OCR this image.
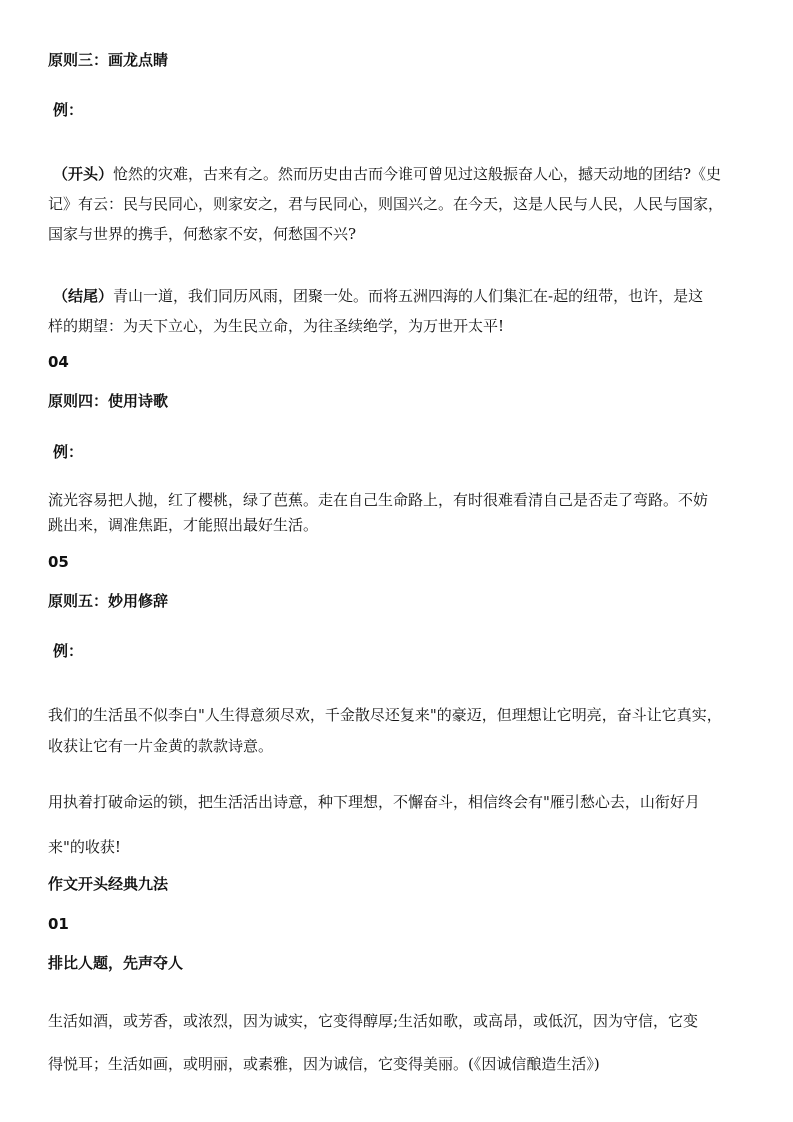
原则三：画龙点睛
例：
（开头）怆然的灾难，古来有之。然而历史由古而今谁可曾见过这般振奋人心，撼天动地的团结?《史
记》有云：民与民同心，则家安之，君与民同心，则国兴之。在今天，这是人民与人民，人民与国家，
国家与世界的携手，何愁家不安，何愁国不兴?
（结尾）青山一道，我们同历风雨，团聚一处。而将五洲四海的人们集汇在-起的纽带，也许，是这
样的期望：为天下立心，为生民立命，为往圣续绝学，为万世开太平!
04
原则四：使用诗歌
例：
流光容易把人抛，红了樱桃，绿了芭蕉。走在自己生命路上，有时很难看清自己是否走了弯路。不妨
跳出来，调准焦距，才能照出最好生活。
05
原则五：妙用修辞
例：
我们的生活虽不似李白"人生得意须尽欢，千金散尽还复来"的豪迈，但理想让它明亮，奋斗让它真实，
收获让它有一片金黄的款款诗意。
用执着打破命运的锁，把生活活出诗意，种下理想，不懈奋斗，相信终会有"雁引愁心去，山衔好月
来"的收获!
作文开头经典九法
01
排比人题，先声夺人
生活如酒，或芳香，或浓烈，因为诚实，它变得醇厚;生活如歌，或高昂，或低沉，因为守信，它变
得悦耳；生活如画，或明丽，或素雅，因为诚信，它变得美丽。(《因诚信酿造生活》)
